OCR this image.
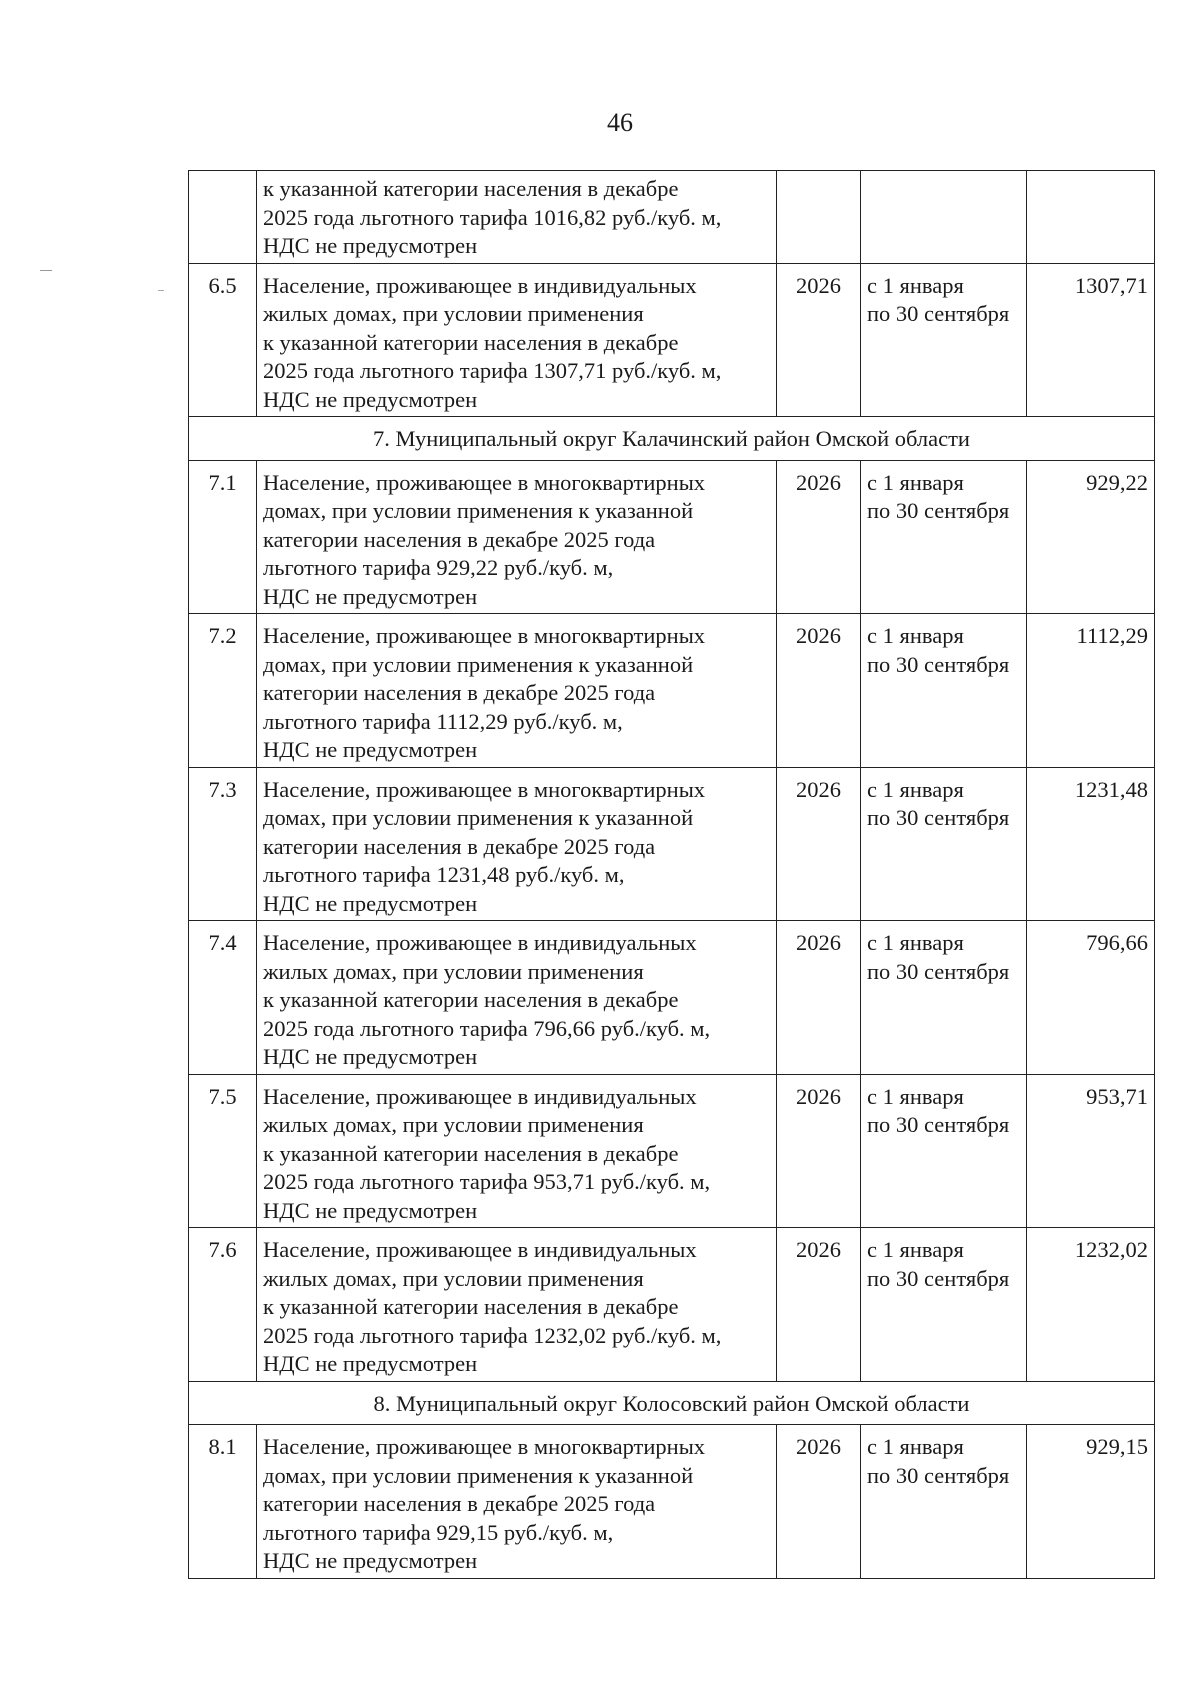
46

	к указанной категории населения в декабре
2025 года льготного тарифа 1016,82 руб./куб. м,
НДС не предусмотрен			

6.5	Население, проживающее в индивидуальных
жилых домах, при условии применения
к указанной категории населения в декабре
2025 года льготного тарифа 1307,71 руб./куб. м,
НДС не предусмотрен	2026	с 1 января
по 30 сентября	1307,71
7. Муниципальный округ Калачинский район Омской области				
7.1	Население, проживающее в многоквартирных
домах, при условии применения к указанной
категории населения в декабре 2025 года
льготного тарифа 929,22 руб./куб. м,
НДС не предусмотрен	2026	с 1 января
по 30 сентября	929,22
7.2	Население, проживающее в многоквартирных
домах, при условии применения к указанной
категории населения в декабре 2025 года
льготного тарифа 1112,29 руб./куб. м,
НДС не предусмотрен	2026	с 1 января
по 30 сентября	1112,29
7.3	Население, проживающее в многоквартирных
домах, при условии применения к указанной
категории населения в декабре 2025 года
льготного тарифа 1231,48 руб./куб. м,
НДС не предусмотрен	2026	с 1 января
по 30 сентября	1231,48
7.4	Население, проживающее в индивидуальных
жилых домах, при условии применения
к указанной категории населения в декабре
2025 года льготного тарифа 796,66 руб./куб. м,
НДС не предусмотрен	2026	с 1 января
по 30 сентября	796,66
7.5	Население, проживающее в индивидуальных
жилых домах, при условии применения
к указанной категории населения в декабре
2025 года льготного тарифа 953,71 руб./куб. м,
НДС не предусмотрен	2026	с 1 января
по 30 сентября	953,71
7.6	Население, проживающее в индивидуальных
жилых домах, при условии применения
к указанной категории населения в декабре
2025 года льготного тарифа 1232,02 руб./куб. м,
НДС не предусмотрен	2026	с 1 января
по 30 сентября	1232,02
8. Муниципальный округ Колосовский район Омской области				
8.1	Население, проживающее в многоквартирных
домах, при условии применения к указанной
категории населения в декабре 2025 года
льготного тарифа 929,15 руб./куб. м,
НДС не предусмотрен	2026	с 1 января
по 30 сентября	929,15
